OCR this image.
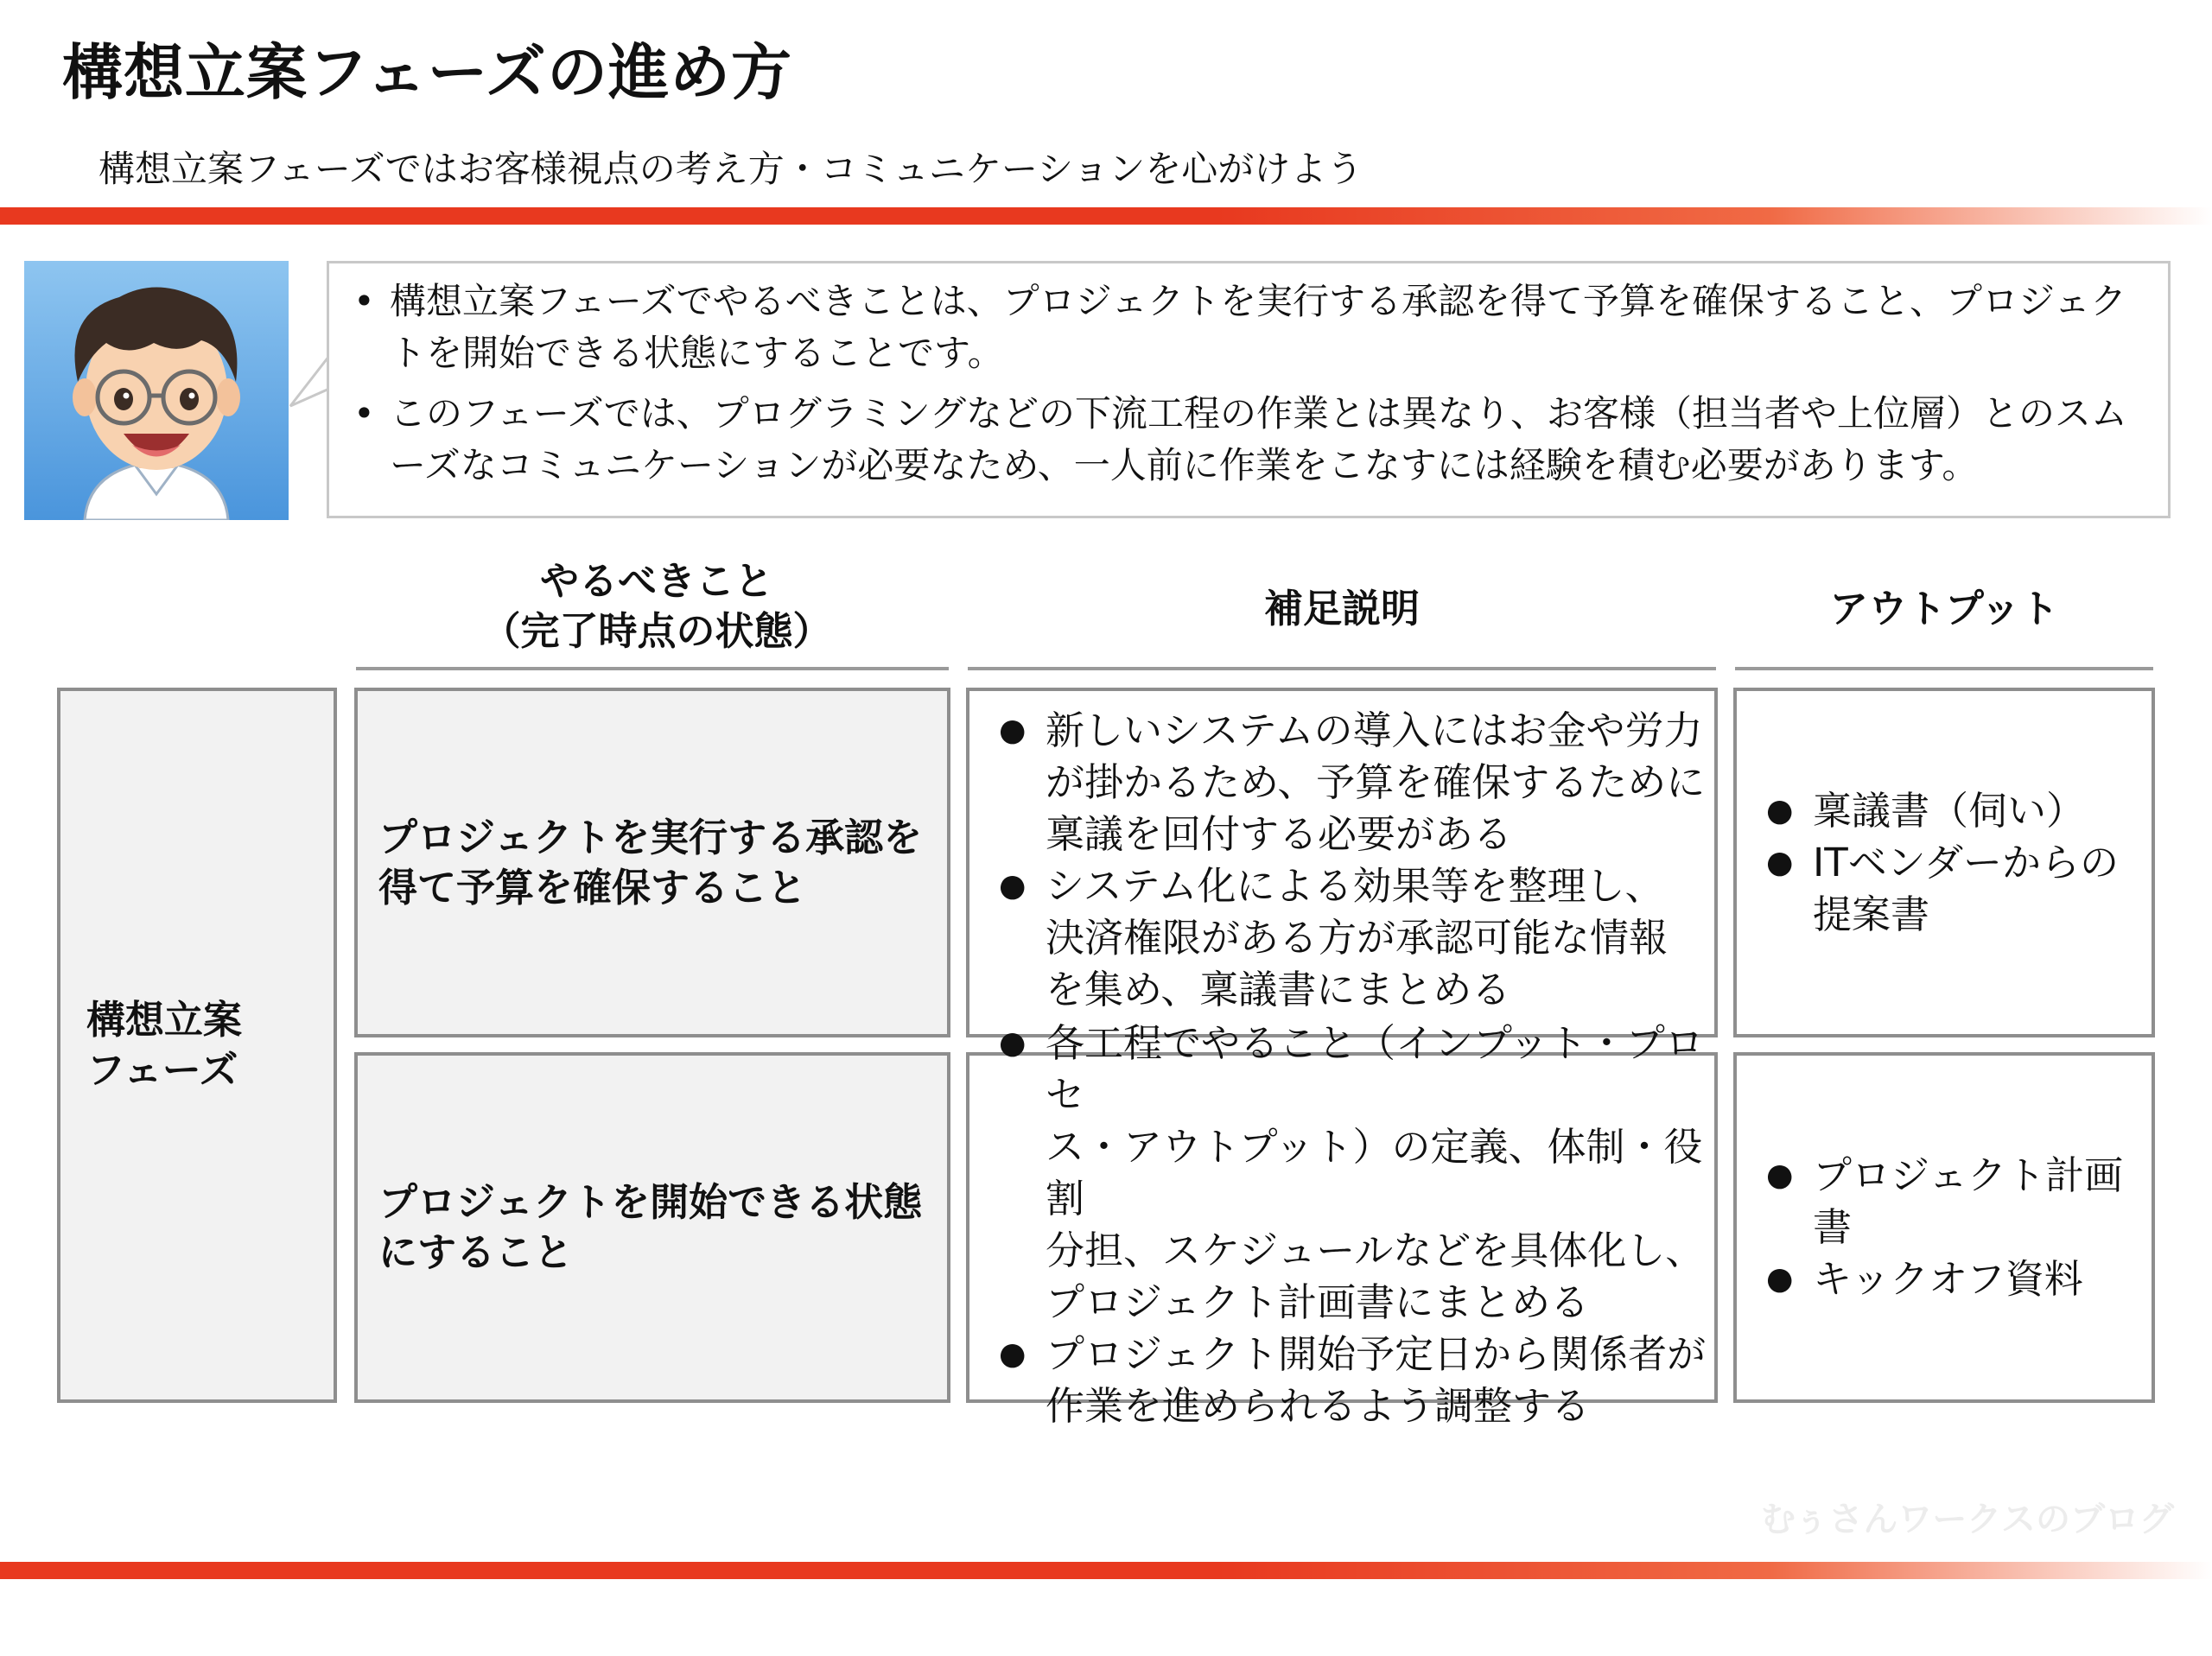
構想立案フェーズの進め方
構想立案フェーズではお客様視点の考え方・コミュニケーションを心がけよう
• 構想立案フェーズでやるべきことは、プロジェクトを実行する承認を得て予算を確保すること、プロジェクトを開始できる状態にすることです。
• このフェーズでは、プログラミングなどの下流工程の作業とは異なり、お客様（担当者や上位層）とのスムーズなコミュニケーションが必要なため、一人前に作業をこなすには経験を積む必要があります。
やるべきこと
（完了時点の状態）	補足説明	アウトプット
構想立案
フェーズ
プロジェクトを実行する承認を
得て予算を確保すること
● 新しいシステムの導入にはお金や労力
が掛かるため、予算を確保するために
稟議を回付する必要がある
● システム化による効果等を整理し、
決済権限がある方が承認可能な情報
を集め、稟議書にまとめる
● 稟議書（伺い）
● ITベンダーからの
提案書
プロジェクトを開始できる状態
にすること
● 各工程でやること（インプット・プロセ
ス・アウトプット）の定義、体制・役割
分担、スケジュールなどを具体化し、
プロジェクト計画書にまとめる
● プロジェクト開始予定日から関係者が
作業を進められるよう調整する
● プロジェクト計画書
● キックオフ資料
むぅさんワークスのブログ
